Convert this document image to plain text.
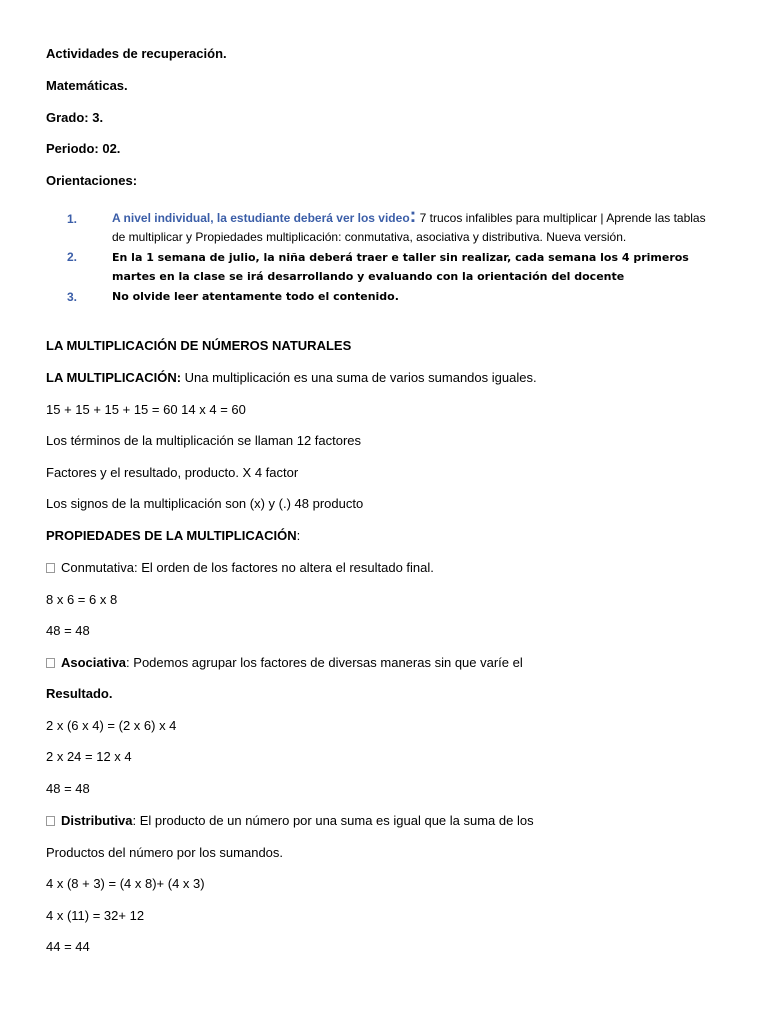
Actividades de recuperación.
Matemáticas.
Grado: 3.
Periodo: 02.
Orientaciones:
1.	A nivel individual, la estudiante deberá ver los video: 7 trucos infalibles para multiplicar | Aprende las tablas de multiplicar y Propiedades multiplicación: conmutativa, asociativa y distributiva. Nueva versión.
2.	En la 1 semana de julio, la niña deberá traer e taller sin realizar, cada semana los 4 primeros martes en la clase se irá desarrollando y evaluando con la orientación del docente
3.	No olvide leer atentamente todo el contenido.
LA MULTIPLICACIÓN DE NÚMEROS NATURALES
LA MULTIPLICACIÓN: Una multiplicación es una suma de varios sumandos iguales.
15 + 15 + 15 + 15 = 60 14 x 4 = 60
Los términos de la multiplicación se llaman 12 factores
Factores y el resultado, producto. X 4 factor
Los signos de la multiplicación son (x) y (.) 48 producto
PROPIEDADES DE LA MULTIPLICACIÓN:
Conmutativa: El orden de los factores no altera el resultado final.
8 x 6 = 6 x 8
48 = 48
Asociativa: Podemos agrupar los factores de diversas maneras sin que varíe el
Resultado.
2 x (6 x 4) = (2 x 6) x 4
2 x 24 = 12 x 4
48 = 48
Distributiva: El producto de un número por una suma es igual que la suma de los
Productos del número por los sumandos.
4 x (8 + 3) = (4 x 8)+ (4 x 3)
4 x (11) = 32+ 12
44 = 44
